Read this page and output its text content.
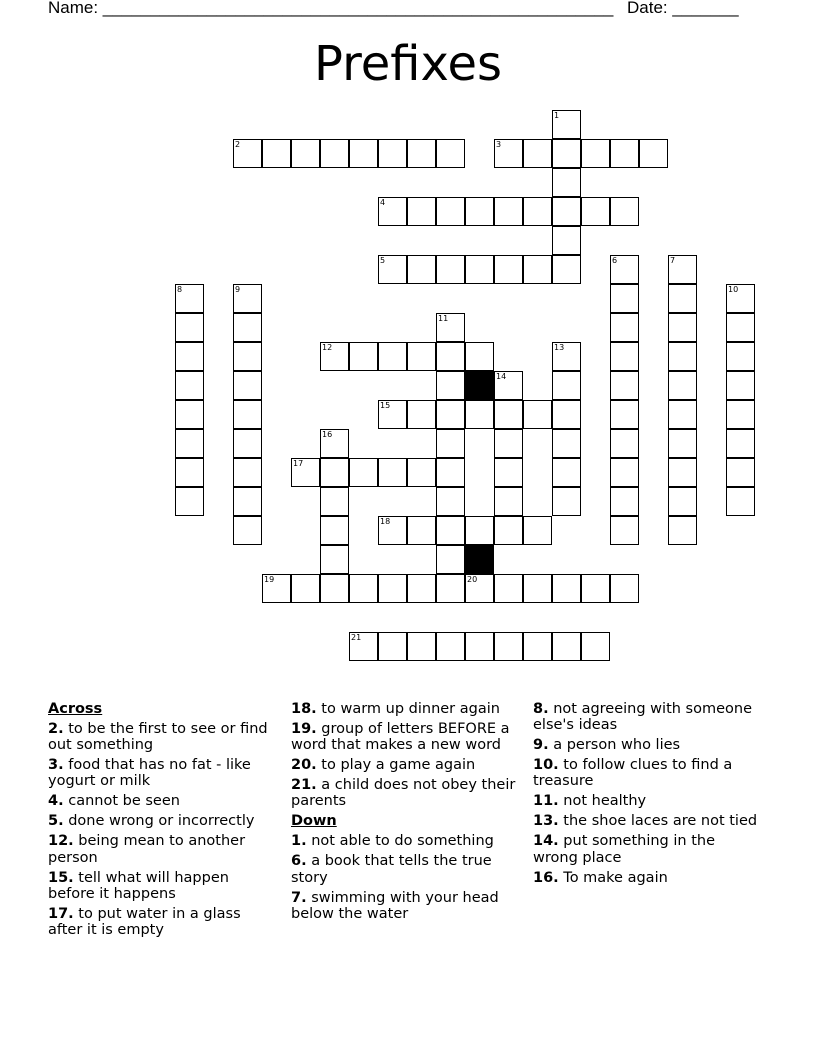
Name: ______________________________________________________ Date: _______
Prefixes
2	3
1
4
5	6	7
8	9	10
11
12	13
14
15
16
17
18
19	20
21
Across
2. to be the first to see or find out something
3. food that has no fat - like yogurt or milk
4. cannot be seen
5. done wrong or incorrectly
12. being mean to another person
15. tell what will happen before it happens
17. to put water in a glass after it is empty
18. to warm up dinner again
19. group of letters BEFORE a word that makes a new word
20. to play a game again
21. a child does not obey their parents
Down
1. not able to do something
6. a book that tells the true story
7. swimming with your head below the water
8. not agreeing with someone else's ideas
9. a person who lies
10. to follow clues to find a treasure
11. not healthy
13. the shoe laces are not tied
14. put something in the wrong place
16. To make again
